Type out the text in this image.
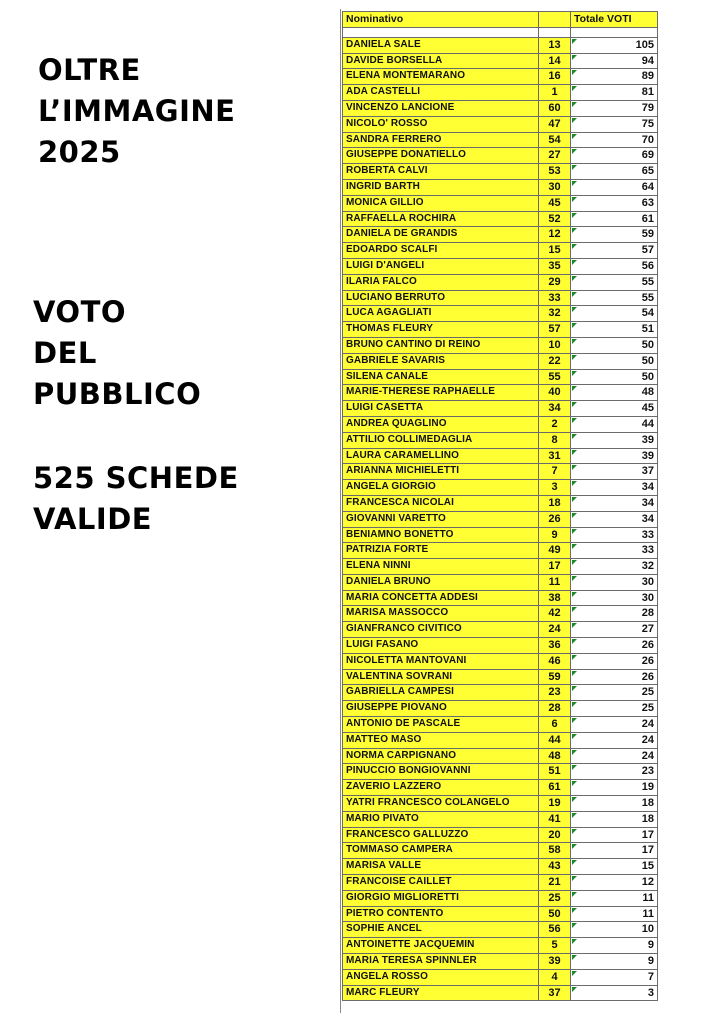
OLTRE
L’IMMAGINE
2025
VOTO
DEL
PUBBLICO
525 SCHEDE
VALIDE
Nominativo		Totale VOTI

DANIELA SALE	13	105
DAVIDE BORSELLA	14	94
ELENA MONTEMARANO	16	89
ADA CASTELLI	1	81
VINCENZO LANCIONE	60	79
NICOLO' ROSSO	47	75
SANDRA FERRERO	54	70
GIUSEPPE DONATIELLO	27	69
ROBERTA CALVI	53	65
INGRID BARTH	30	64
MONICA GILLIO	45	63
RAFFAELLA ROCHIRA	52	61
DANIELA DE GRANDIS	12	59
EDOARDO SCALFI	15	57
LUIGI D'ANGELI	35	56
ILARIA FALCO	29	55
LUCIANO BERRUTO	33	55
LUCA AGAGLIATI	32	54
THOMAS FLEURY	57	51
BRUNO CANTINO DI REINO	10	50
GABRIELE SAVARIS	22	50
SILENA CANALE	55	50
MARIE-THERESE RAPHAELLE	40	48
LUIGI CASETTA	34	45
ANDREA QUAGLINO	2	44
ATTILIO COLLIMEDAGLIA	8	39
LAURA CARAMELLINO	31	39
ARIANNA MICHIELETTI	7	37
ANGELA GIORGIO	3	34
FRANCESCA NICOLAI	18	34
GIOVANNI VARETTO	26	34
BENIAMNO BONETTO	9	33
PATRIZIA FORTE	49	33
ELENA NINNI	17	32
DANIELA BRUNO	11	30
MARIA CONCETTA ADDESI	38	30
MARISA MASSOCCO	42	28
GIANFRANCO CIVITICO	24	27
LUIGI FASANO	36	26
NICOLETTA MANTOVANI	46	26
VALENTINA SOVRANI	59	26
GABRIELLA CAMPESI	23	25
GIUSEPPE PIOVANO	28	25
ANTONIO DE PASCALE	6	24
MATTEO MASO	44	24
NORMA CARPIGNANO	48	24
PINUCCIO BONGIOVANNI	51	23
ZAVERIO LAZZERO	61	19
YATRI FRANCESCO COLANGELO	19	18
MARIO PIVATO	41	18
FRANCESCO GALLUZZO	20	17
TOMMASO CAMPERA	58	17
MARISA VALLE	43	15
FRANCOISE CAILLET	21	12
GIORGIO MIGLIORETTI	25	11
PIETRO CONTENTO	50	11
SOPHIE ANCEL	56	10
ANTOINETTE JACQUEMIN	5	9
MARIA TERESA SPINNLER	39	9
ANGELA ROSSO	4	7
MARC FLEURY	37	3
